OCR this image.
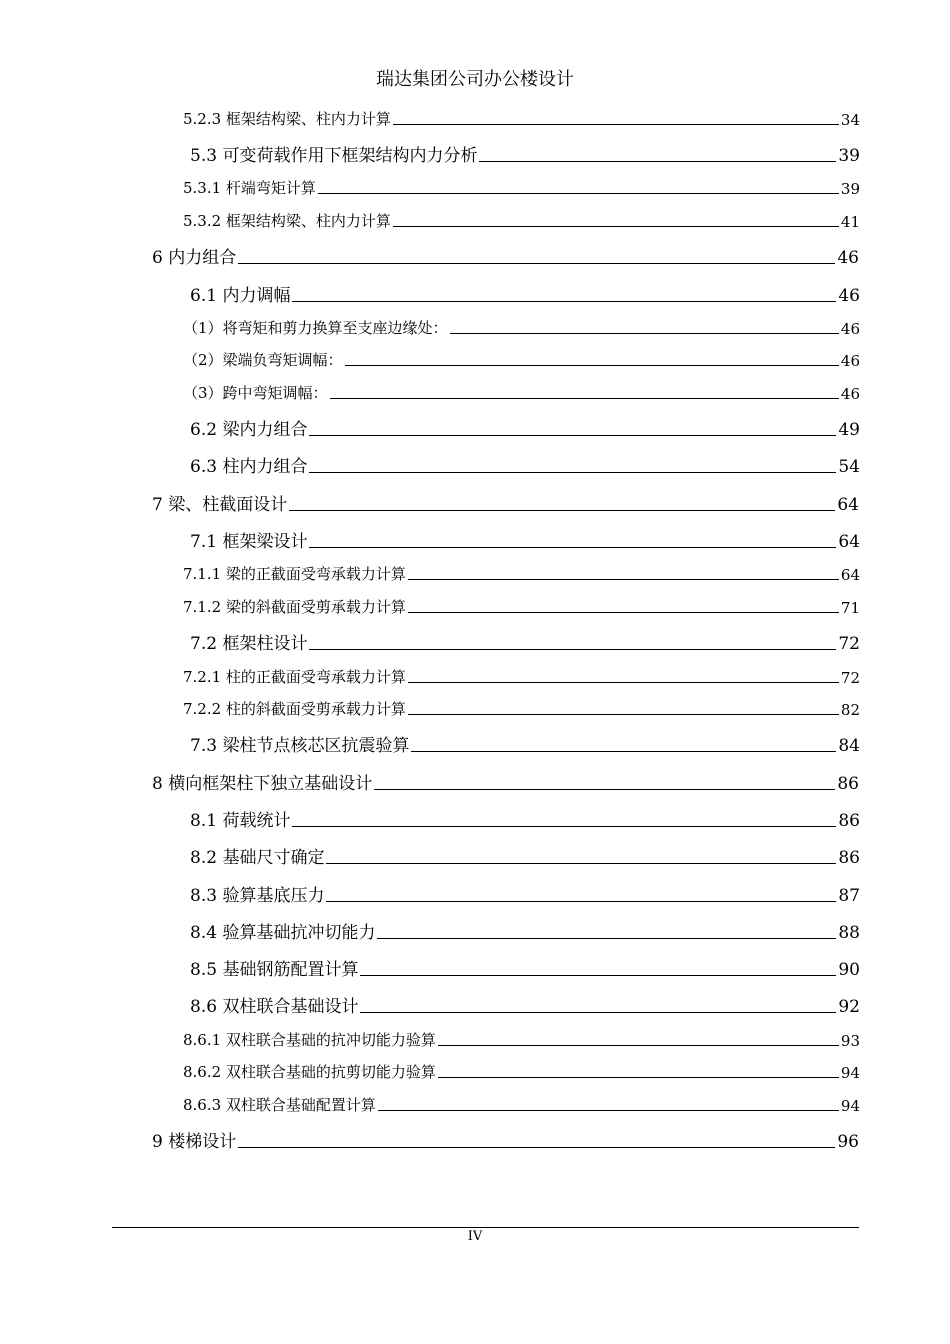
瑞达集团公司办公楼设计
5.2.3 框架结构梁、柱内力计算	34
5.3 可变荷载作用下框架结构内力分析	39
5.3.1 杆端弯矩计算	39
5.3.2 框架结构梁、柱内力计算	41
6 内力组合	46
6.1 内力调幅	46
（1）将弯矩和剪力换算至支座边缘处：	46
（2）梁端负弯矩调幅：	46
（3）跨中弯矩调幅：	46
6.2 梁内力组合	49
6.3 柱内力组合	54
7 梁、柱截面设计	64
7.1 框架梁设计	64
7.1.1 梁的正截面受弯承载力计算	64
7.1.2 梁的斜截面受剪承载力计算	71
7.2 框架柱设计	72
7.2.1 柱的正截面受弯承载力计算	72
7.2.2 柱的斜截面受剪承载力计算	82
7.3 梁柱节点核芯区抗震验算	84
8 横向框架柱下独立基础设计	86
8.1 荷载统计	86
8.2 基础尺寸确定	86
8.3 验算基底压力	87
8.4 验算基础抗冲切能力	88
8.5 基础钢筋配置计算	90
8.6 双柱联合基础设计	92
8.6.1 双柱联合基础的抗冲切能力验算	93
8.6.2 双柱联合基础的抗剪切能力验算	94
8.6.3 双柱联合基础配置计算	94
9 楼梯设计	96
IV
